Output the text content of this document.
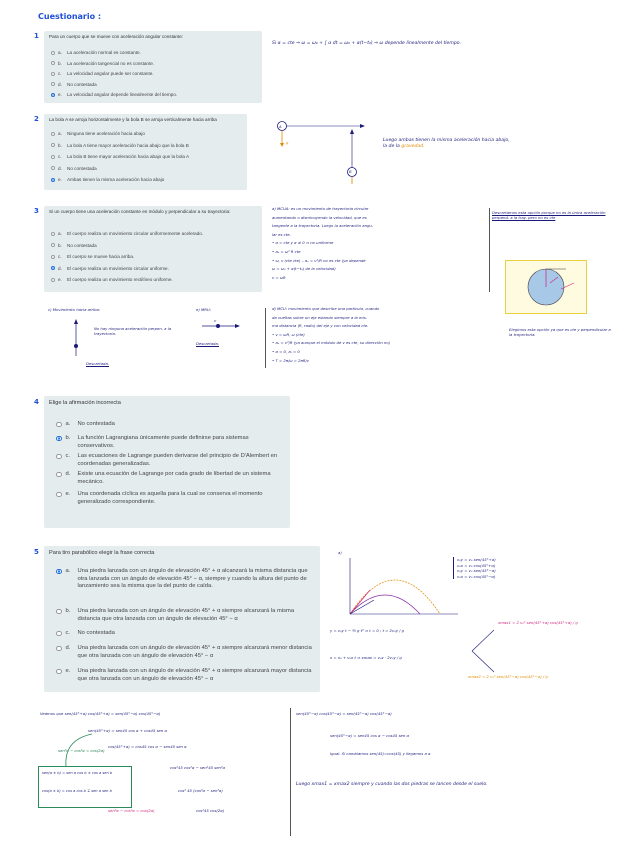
Cuestionario :
1 Para un cuerpo que se mueve con aceleración angular constante:
a.	La aceleración normal es constante.
b.	La aceleración tangencial no es constante.
c.	La velocidad angular puede ser constante.
d.	No contestada
e.	La velocidad angular depende linealmente del tiempo.
Si α = cte ⇒ ω = ω₀ + ∫ α dt = ω₀ + α(t−t₀) ⇒ ω depende linealmente del tiempo.
2 La bola A se arroja horizontalmente y la bola B se arroja verticalmente hacia arriba
a.	Ninguna tiene aceleración hacia abajo
b.	La bola A tiene mayor aceleración hacia abajo que la bola B
c.	La bola B tiene mayor aceleración hacia abajo que la bola A
d.	No contestada
e.	Ambas tienen la misma aceleración hacia abajo
A
B
g	Luego ambas tienen la misma aceleración hacia abajo,
la de la gravedad.
3 Si un cuerpo tiene una aceleración constante en módulo y perpendicular a su trayectoria:
a.	El cuerpo realiza un movimiento circular uniformemente acelerado.
b.	No contestada
c.	El cuerpo se mueve hacia arriba.
d.	El cuerpo realiza un movimiento circular uniforme.
e.	El cuerpo realiza un movimiento rectilíneo uniforme.
a) MCUA: es un movimiento de trayectoria circular
aumentando o disminuyendo la velocidad, que es
tangente a la trayectoria. Luego la aceleración angu-
lar es cte.
• α = cte y α ≠ 0 ⇒ no uniforme
• aₙ = ω² R cte
• ω, v (cte cte) – aₙ = v²/R no es cte (ya depende
ω = ω₀ + α(t−t₀) de la velocidad)
v = ωR
d) MCU: movimiento que describe una partícula, cuando
da vueltas sobre un eje estando siempre a la mis-
ma distancia (R, radio) del eje y con velocidad cte.
• v = ωR, ω (cte)
• aₙ = v²/R (ya aunque el módulo de v es cte, su dirección no)
• α = 0, aₜ = 0
• T = 2π/ω = 2πR/v
Descartamos esta opción porque no es la única aceleración perpend. a la tray. pero no es cte
Elegimos esta opción ya que es cte y perpendicular a la trayectoria.
c) Movimiento hacia arriba:
No hay ninguna aceleración perpen. a la trayectoria.
Descartada.
e) MRU:
v
Descartada.
4 Elige la afirmación incorrecta
a.	No contestada
b.	La función Lagrangiana únicamente puede definirse para sistemas conservativos.
c.	Las ecuaciones de Lagrange pueden derivarse del principio de D'Alembert en coordenadas generalizadas.
d.	Existe una ecuación de Lagrange por cada grado de libertad de un sistema mecánico.
e.	Una coordenada cíclica es aquella para la cual se conserva el momento generalizado correspondiente.
5 Para tiro parabólico elegir la frase correcta
a.	Una piedra lanzada con un ángulo de elevación 45° + α alcanzará la misma distancia que otra lanzada con un ángulo de elevación 45° − α, siempre y cuando la altura del punto de lanzamiento sea la misma que la del punto de caída.
b.	Una piedra lanzada con un ángulo de elevación 45° + α siempre alcanzará la misma distancia que otra lanzada con un ángulo de elevación 45° − α
c.	No contestada
d.	Una piedra lanzada con un ángulo de elevación 45° + α siempre alcanzará menor distancia que otra lanzada con un ángulo de elevación 45° − α
e.	Una piedra lanzada con un ángulo de elevación 45° + α siempre alcanzará mayor distancia que otra lanzada con un ángulo de elevación 45° − α
a)
v₀y = v₀ sen(45°+α)
v₀x = v₀ cos(45°+α)
v₀y = v₀ sen(45°−α)
v₀x = v₀ cos(45°−α)
y = v₀y t − ½ g t² ⇒ t = 0 ; t = 2v₀y / g
x = x₀ + v₀x t ⇒ xmax = v₀x · 2v₀y / g
xmax1 = 2 v₀² sen(45°+α) cos(45°+α) / g
xmax2 = 2 v₀² sen(45°−α) cos(45°−α) / g
Veamos que sen(45°+α) cos(45°+α) = sen(45°−α) cos(45°−α)
sen(45°+α) = sen45 cos α + cos45 sen α
cos(45°+α) = cos45 cos α − sen45 sen α
sen²α − cos²α = cos(2α)
cos²45 cos²α − sen²45 sen²α
cos² 45 (cos²α − sen²α)
sen²α − cos²α = cos(2α)	cos²45 cos(2α)
sen(a ± b) = sen a cos b ± cos a sen b
cos(a ± b) = cos a cos b ∓ sen a sen b
sen(45°−α) cos(45°−α) = sen(45°−α) cos(45°−α)
sen(45°−α) = sen45 cos α − cos45 sen α
Igual. Si cambiamos sen(45)=cos(45) y llegamos a α
Luego xmax1 = xmax2 siempre y cuando las dos piedras se lancen desde el suelo.
